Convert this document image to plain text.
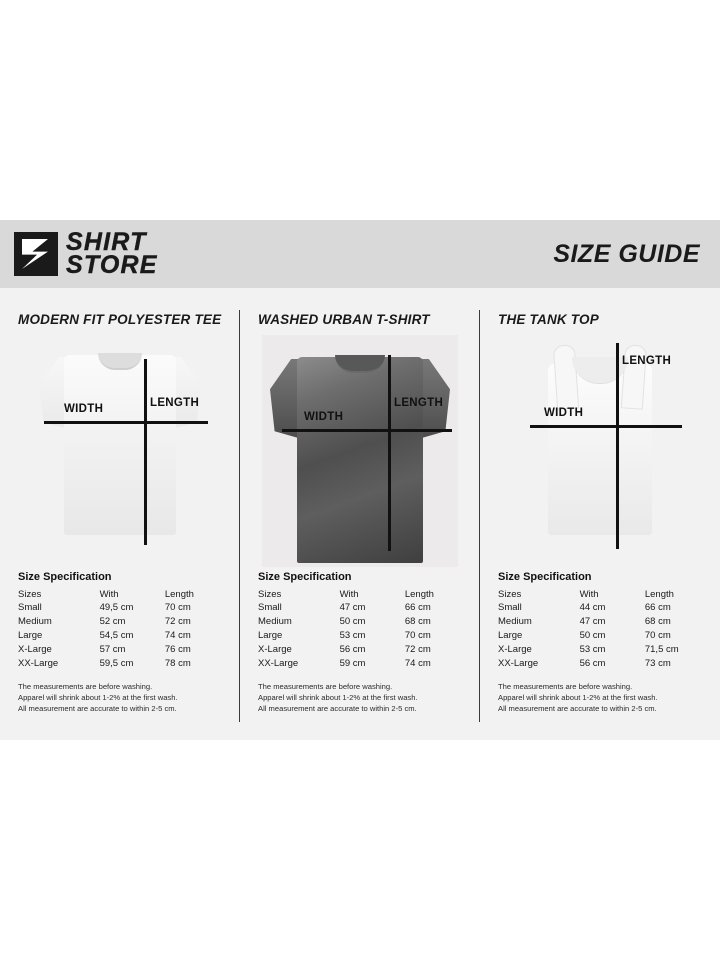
SHIRT
STORE	SIZE GUIDE
MODERN FIT POLYESTER TEE
LENGTH
WIDTH
Size Specification
Sizes	With	Length
Small	49,5 cm	70 cm
Medium	52 cm	72 cm
Large	54,5 cm	74 cm
X-Large	57 cm	76 cm
XX-Large	59,5 cm	78 cm
The measurements are before washing.
Apparel will shrink about 1-2% at the first wash.
All measurement are accurate to within 2-5 cm.
WASHED URBAN T-SHIRT
LENGTH
WIDTH
Size Specification
Sizes	With	Length
Small	47 cm	66 cm
Medium	50 cm	68 cm
Large	53 cm	70 cm
X-Large	56 cm	72 cm
XX-Large	59 cm	74 cm
The measurements are before washing.
Apparel will shrink about 1-2% at the first wash.
All measurement are accurate to within 2-5 cm.
THE TANK TOP
LENGTH
WIDTH
Size Specification
Sizes	With	Length
Small	44 cm	66 cm
Medium	47 cm	68 cm
Large	50 cm	70 cm
X-Large	53 cm	71,5 cm
XX-Large	56 cm	73 cm
The measurements are before washing.
Apparel will shrink about 1-2% at the first wash.
All measurement are accurate to within 2-5 cm.
